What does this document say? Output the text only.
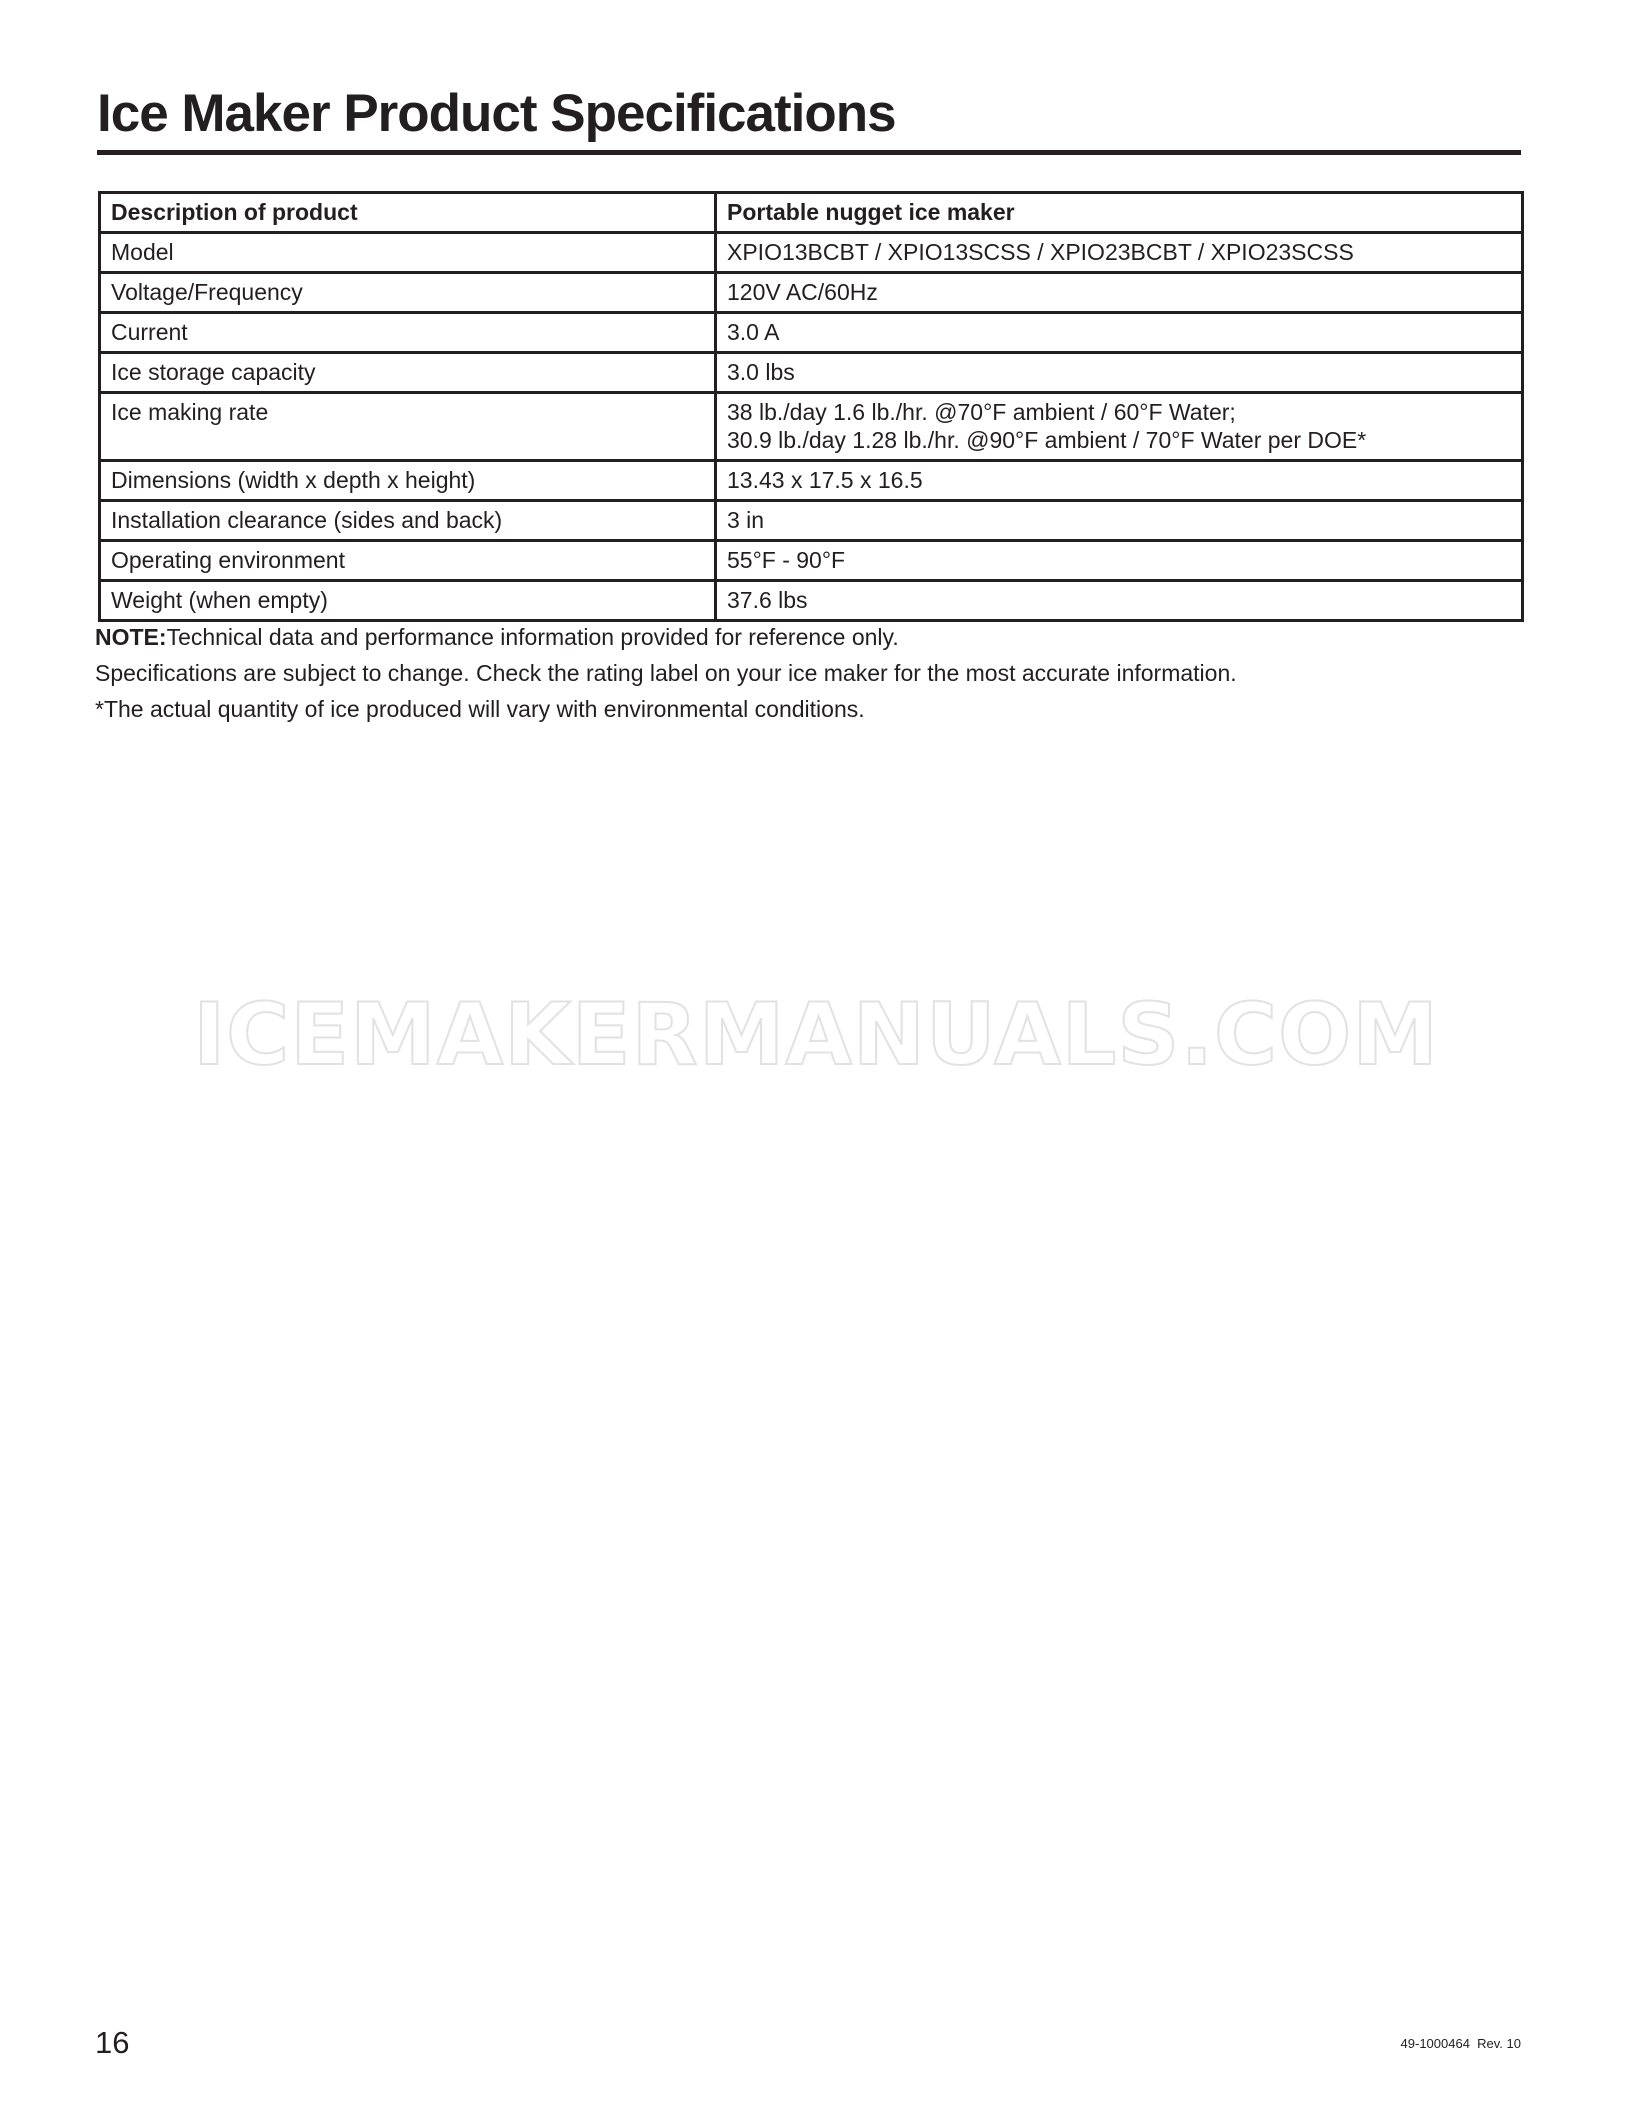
Ice Maker Product Specifications
Description of product	Portable nugget ice maker
Model	XPIO13BCBT / XPIO13SCSS / XPIO23BCBT / XPIO23SCSS
Voltage/Frequency	120V AC/60Hz
Current	3.0 A
Ice storage capacity	3.0 lbs
Ice making rate	38 lb./day 1.6 lb./hr. @70°F ambient / 60°F Water;
30.9 lb./day 1.28 lb./hr. @90°F ambient / 70°F Water per DOE*

Dimensions (width x depth x height)	13.43 x 17.5 x 16.5
Installation clearance (sides and back)	3 in
Operating environment	55°F - 90°F
Weight (when empty)	37.6 lbs

NOTE:Technical data and performance information provided for reference only.

Specifications are subject to change. Check the rating label on your ice maker for the most accurate information.

*The actual quantity of ice produced will vary with environmental conditions.

ICEMAKERMANUALS.COM
16	49-1000464  Rev. 10
